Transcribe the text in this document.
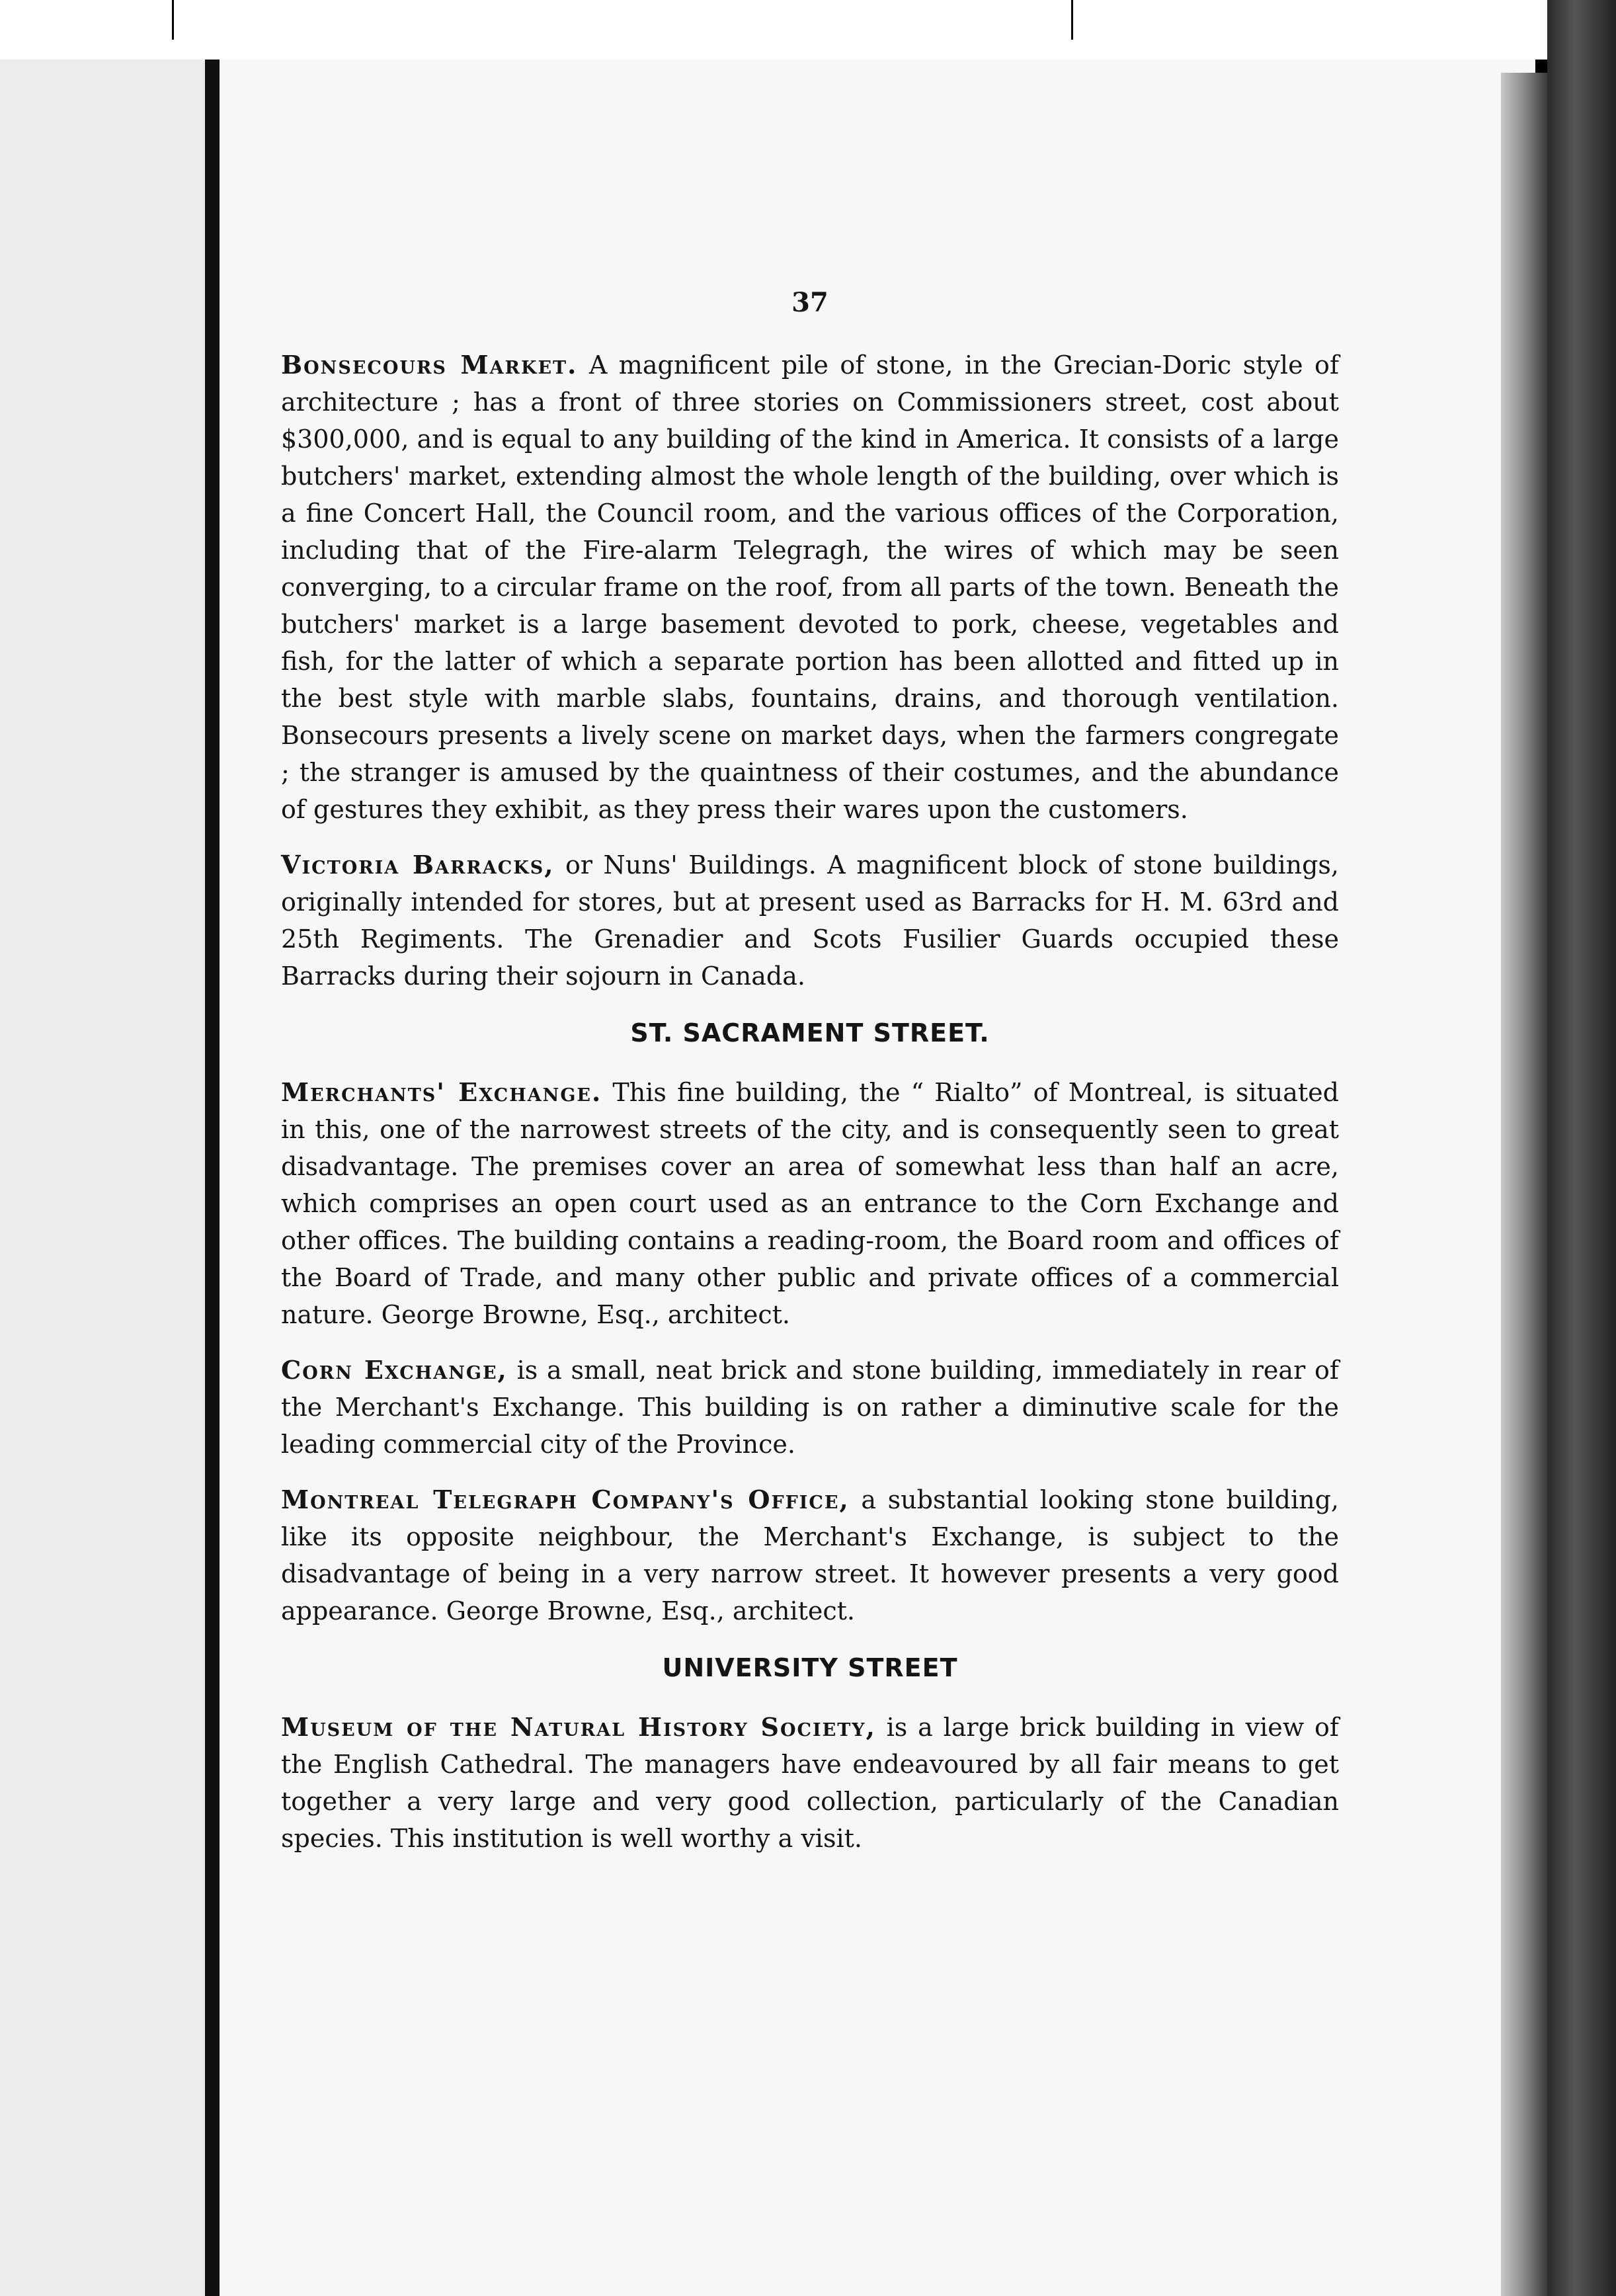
37

Bonsecours Market. A magnificent pile of stone, in the Grecian-Doric style of architecture ; has a front of three stories on Commissioners street, cost about $300,000, and is equal to any building of the kind in America. It consists of a large butchers' market, extending almost the whole length of the building, over which is a fine Concert Hall, the Council room, and the various offices of the Corporation, including that of the Fire-alarm Telegragh, the wires of which may be seen converging, to a circular frame on the roof, from all parts of the town. Beneath the butchers' market is a large basement devoted to pork, cheese, vegetables and fish, for the latter of which a separate portion has been allotted and fitted up in the best style with marble slabs, fountains, drains, and thorough ventilation. Bonsecours presents a lively scene on market days, when the farmers congregate ; the stranger is amused by the quaintness of their costumes, and the abundance of gestures they exhibit, as they press their wares upon the customers.

Victoria Barracks, or Nuns' Buildings. A magnificent block of stone buildings, originally intended for stores, but at present used as Barracks for H. M. 63rd and 25th Regiments. The Grenadier and Scots Fusilier Guards occupied these Barracks during their sojourn in Canada.

ST. SACRAMENT STREET.

Merchants' Exchange. This fine building, the “ Rialto” of Montreal, is situated in this, one of the narrowest streets of the city, and is consequently seen to great disadvantage. The premises cover an area of somewhat less than half an acre, which comprises an open court used as an entrance to the Corn Exchange and other offices. The building contains a reading-room, the Board room and offices of the Board of Trade, and many other public and private offices of a commercial nature. George Browne, Esq., architect.

Corn Exchange, is a small, neat brick and stone building, immediately in rear of the Merchant's Exchange. This building is on rather a diminutive scale for the leading commercial city of the Province.

Montreal Telegraph Company's Office, a substantial looking stone building, like its opposite neighbour, the Merchant's Exchange, is subject to the disadvantage of being in a very narrow street. It however presents a very good appearance. George Browne, Esq., architect.

UNIVERSITY STREET

Museum of the Natural History Society, is a large brick building in view of the English Cathedral. The managers have endeavoured by all fair means to get together a very large and very good collection, particularly of the Canadian species. This institution is well worthy a visit.
